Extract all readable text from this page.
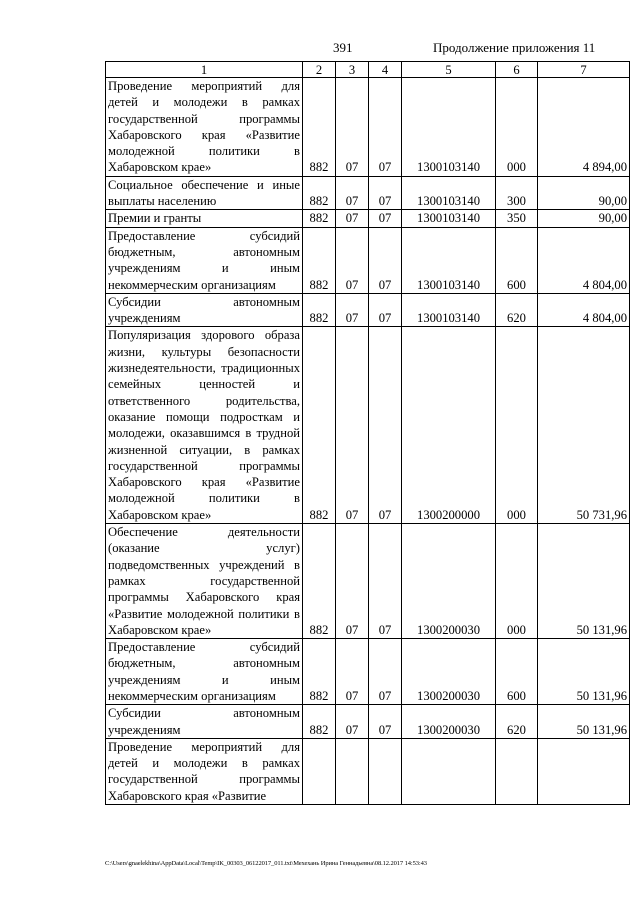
391	Продолжение приложения 11
1	2	3	4	5	6	7
Проведение мероприятий для детей и молодежи в рамках государственной программы Хабаровского края «Развитие молодежной политики в Хабаровском крае»	882	07	07	1300103140	000	4 894,00
Социальное обеспечение и иные выплаты населению	882	07	07	1300103140	300	90,00
Премии и гранты	882	07	07	1300103140	350	90,00
Предоставление субсидий бюджетным, автономным учреждениям и иным некоммерческим организациям	882	07	07	1300103140	600	4 804,00
Субсидии автономным учреждениям	882	07	07	1300103140	620	4 804,00
Популяризация здорового образа жизни, культуры безопасности жизнедеятельности, традиционных семейных ценностей и ответственного родительства, оказание помощи подросткам и молодежи, оказавшимся в трудной жизненной ситуации, в рамках государственной программы Хабаровского края «Развитие молодежной политики в Хабаровском крае»	882	07	07	1300200000	000	50 731,96
Обеспечение деятельности (оказание услуг) подведомственных учреждений в рамках государственной программы Хабаровского края «Развитие молодежной политики в Хабаровском крае»	882	07	07	1300200030	000	50 131,96
Предоставление субсидий бюджетным, автономным учреждениям и иным некоммерческим организациям	882	07	07	1300200030	600	50 131,96
Субсидии автономным учреждениям	882	07	07	1300200030	620	50 131,96
Проведение мероприятий для детей и молодежи в рамках государственной программы Хабаровского края «Развитие						
C:\Users\gnaelekhina\AppData\Local\Temp\IK_00303_06122017_011.txt\Мехехань Ирина Геннадьевна\08.12.2017 14:53:43
